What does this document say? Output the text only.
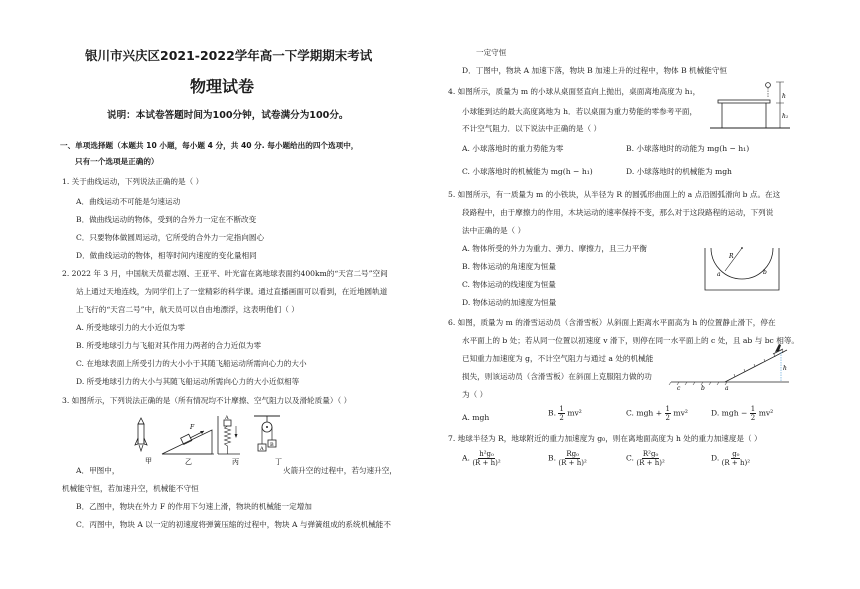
银川市兴庆区2021-2022学年高一下学期期末考试
物理试卷
说明：本试卷答题时间为100分钟，试卷满分为100分。
一、单项选择题（本题共 10 小题，每小题 4 分，共 40 分. 每小题给出的四个选项中，
只有一个选项是正确的）
1. 关于曲线运动，下列说法正确的是（ ）
A．曲线运动不可能是匀速运动
B．做曲线运动的物体，受到的合外力一定在不断改变
C．只要物体做圆周运动，它所受的合外力一定指向圆心
D．做曲线运动的物体，相等时间内速度的变化量相同
2. 2022 年 3 月，中国航天员翟志刚、王亚平、叶光富在离地球表面约400km的“天宫二号”空间
站上通过天地连线，为同学们上了一堂精彩的科学课。通过直播画面可以看到，在近地圆轨道
上飞行的“天宫二号”中，航天员可以自由地漂浮，这表明他们（ ）
A. 所受地球引力的大小近似为零
B. 所受地球引力与飞船对其作用力两者的合力近似为零
C. 在地球表面上所受引力的大小小于其随飞船运动所需向心力的大小
D. 所受地球引力的大小与其随飞船运动所需向心力的大小近似相等
3. 如图所示，下列说法正确的是（所有情况均不计摩擦、空气阻力以及滑轮质量）（ ）
甲
F
乙
A
丙
A
B
丁
A．甲图中，	火箭升空的过程中，若匀速升空，
机械能守恒，若加速升空，机械能不守恒
B．乙图中，物块在外力 F 的作用下匀速上滑，物块的机械能一定增加
C．丙图中，物块 A 以一定的初速度将弹簧压缩的过程中，物块 A 与弹簧组成的系统机械能不
一定守恒
D．丁图中，物块 A 加速下落，物块 B 加速上升的过程中，物体 B 机械能守恒
4. 如图所示，质量为 m 的小球从桌面竖直向上抛出，桌面离地高度为 h₁，
小球能到达的最大高度离地为 h．若以桌面为重力势能的零参考平面，
不计空气阻力．以下说法中正确的是（ ）
h
h₁
A. 小球落地时的重力势能为零	B. 小球落地时的动能为 mg(h − h₁)
C. 小球落地时的机械能为 mg(h − h₁)	D. 小球落地时的机械能为 mgh
5. 如图所示，有一质量为 m 的小铁块，从半径为 R 的圆弧形曲面上的 a 点沿圆弧滑向 b 点。在这
段路程中，由于摩擦力的作用，木块运动的速率保持不变，那么对于这段路程的运动，下列说
法中正确的是（ ）
R
a	b
A. 物体所受的外力为重力、弹力、摩擦力，且三力平衡
B. 物体运动的角速度为恒量
C. 物体运动的线速度为恒量
D. 物体运动的加速度为恒量
6. 如图，质量为 m 的滑雪运动员（含滑雪板）从斜面上距离水平面高为 h 的位置静止滑下，停在
水平面上的 b 处；若从同一位置以初速度 v 滑下，则停在同一水平面上的 c 处，且 ab 与 bc 相等。
已知重力加速度为 g，不计空气阻力与通过 a 处的机械能
损失，则该运动员（含滑雪板）在斜面上克服阻力做的功
为（ ）
h
c	b	a
A. mgh	B. $\frac{1}{2} mv^2$	C. mgh + $\frac{1}{2} mv^2$	D. mgh − $\frac{1}{2} mv^2$
7. 地球半径为 R，地球附近的重力加速度为 g₀，则在离地面高度为 h 处的重力加速度是（ ）
A. $\frac{\text{h²g₀}}{\text{(R + h)²}}$	B. $\frac{\text{Rg₀}}{\text{(R + h)²}}$	C. $\frac{\text{R²g₀}}{\text{(R + h)²}}$	D. $\frac{\text{g₀}}{\text{(R + h)²}}$
